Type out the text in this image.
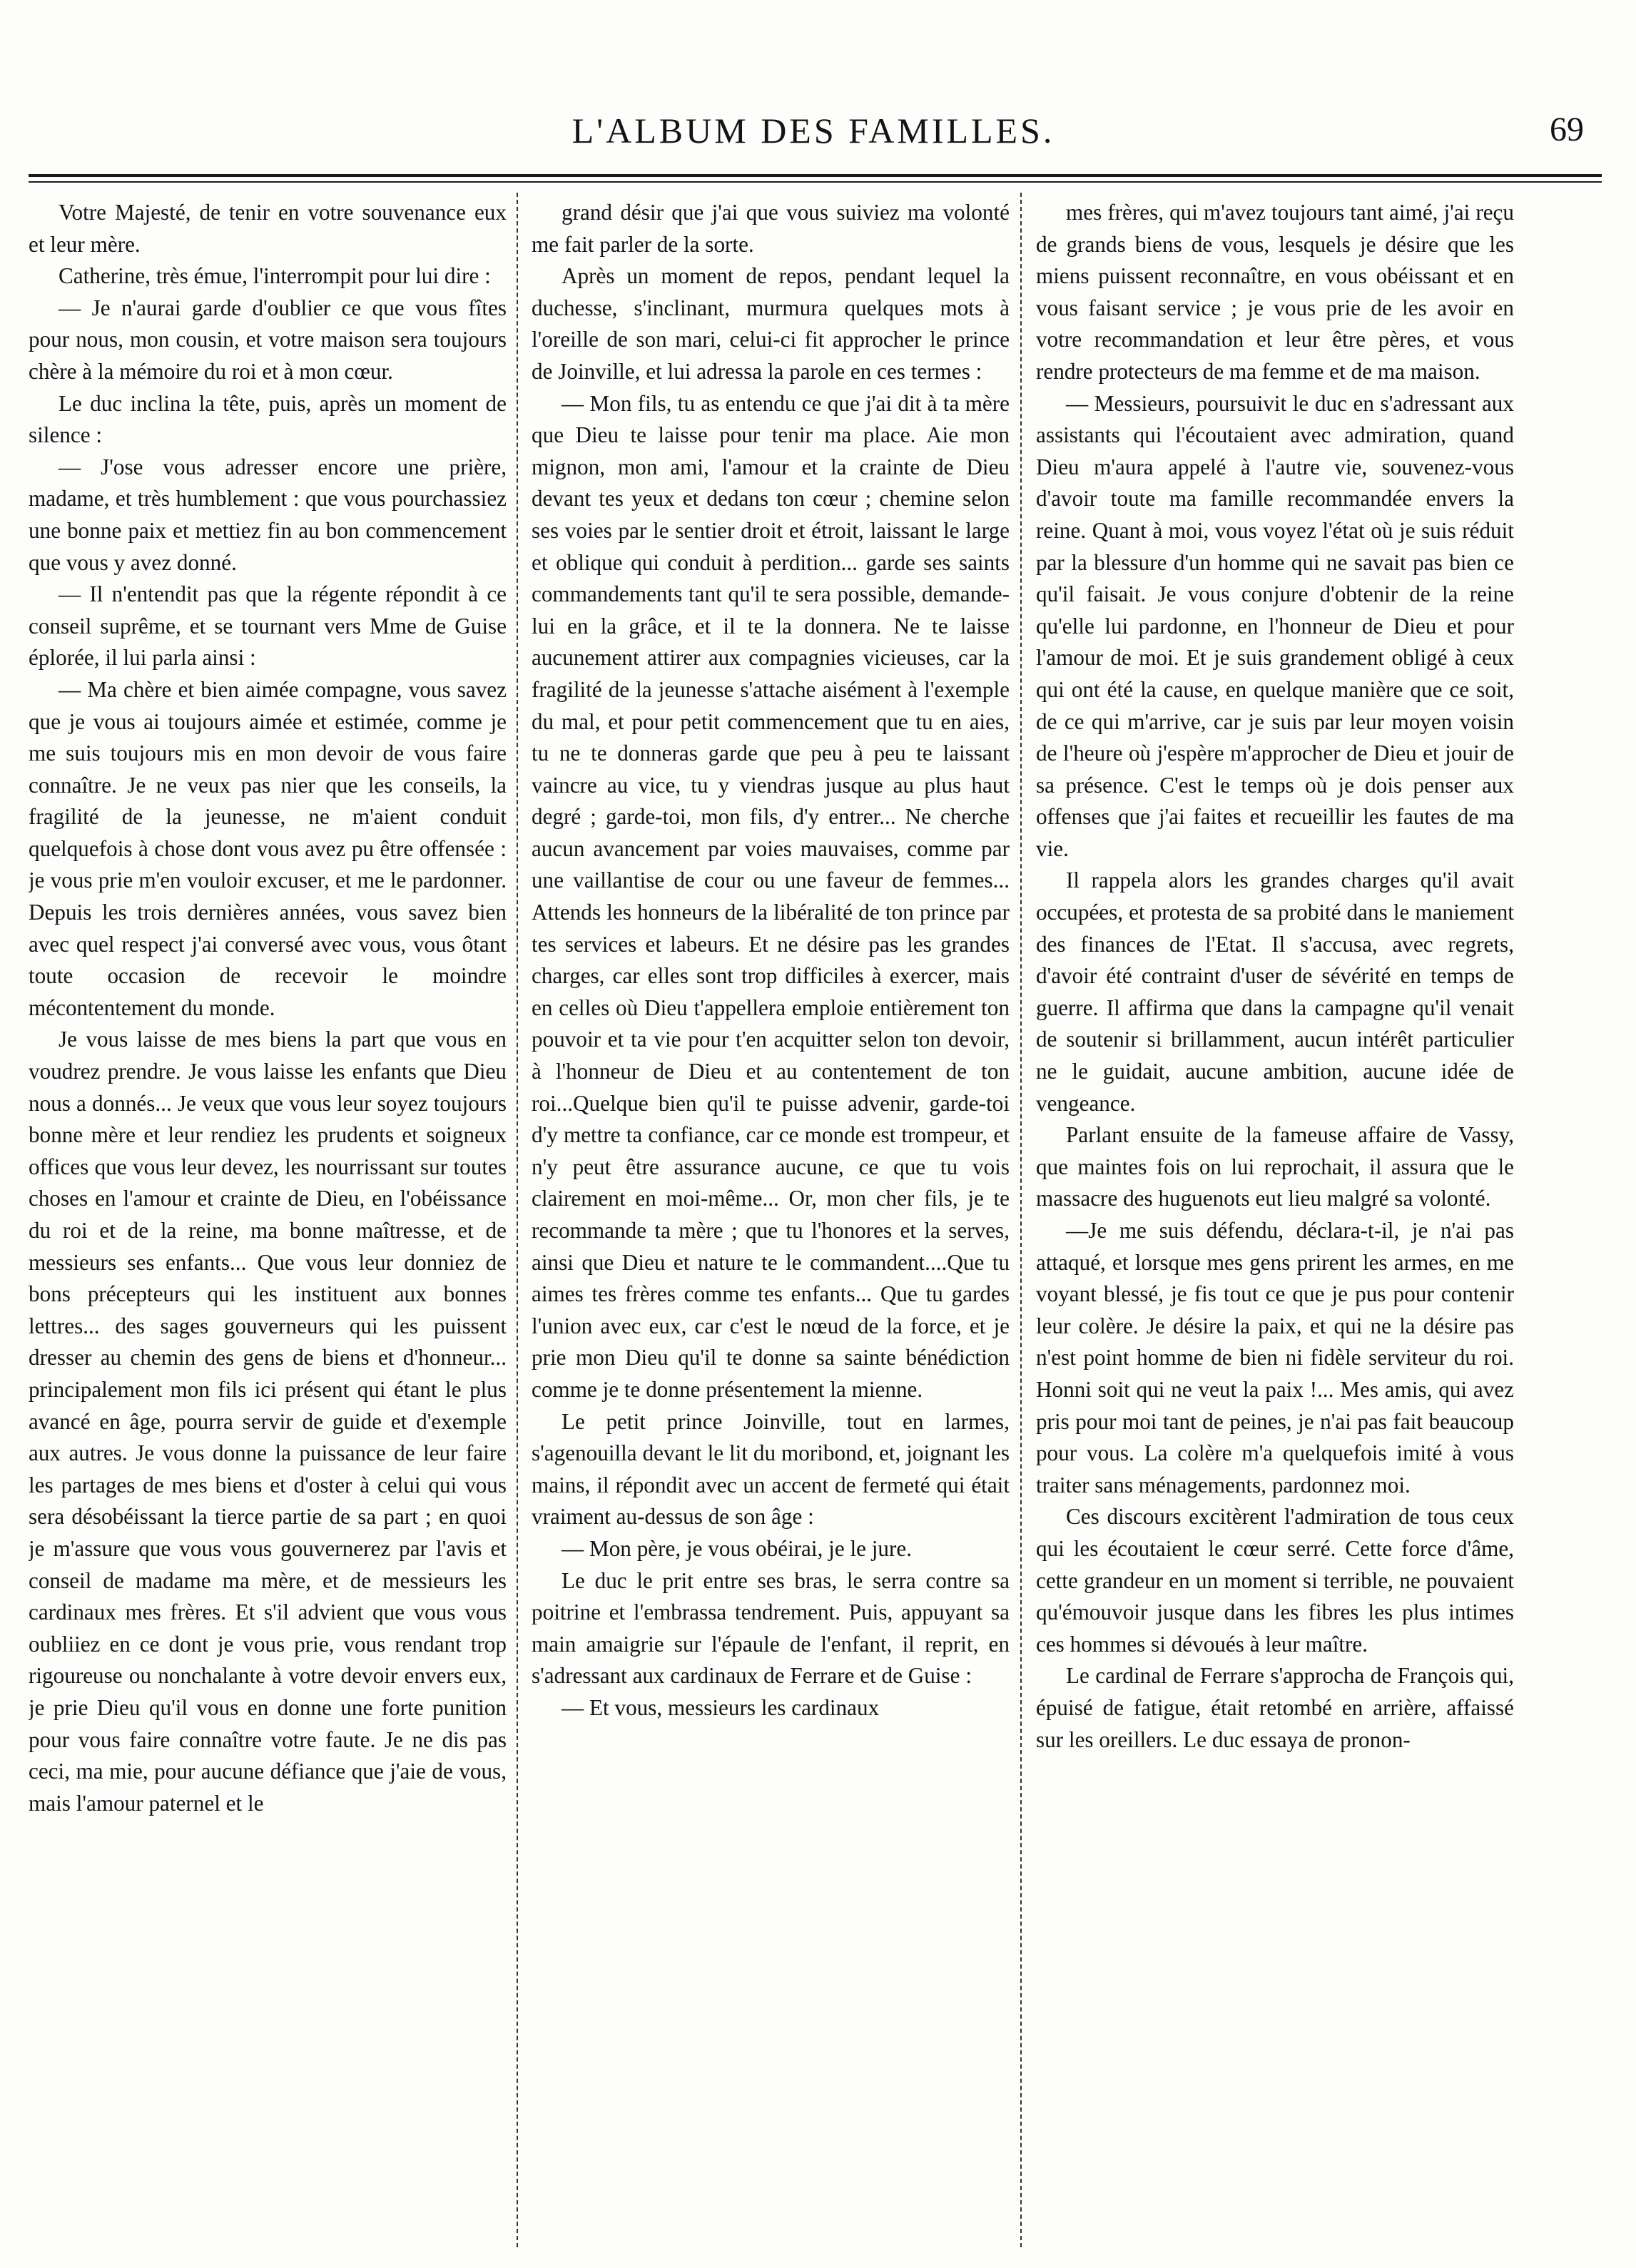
L'ALBUM DES FAMILLES.	69

Votre Majesté, de tenir en votre souvenance eux et leur mère.

Catherine, très émue, l'interrompit pour lui dire :

— Je n'aurai garde d'oublier ce que vous fîtes pour nous, mon cousin, et votre maison sera toujours chère à la mémoire du roi et à mon cœur.

Le duc inclina la tête, puis, après un moment de silence :

— J'ose vous adresser encore une prière, madame, et très humblement : que vous pourchassiez une bonne paix et mettiez fin au bon commencement que vous y avez donné.

— Il n'entendit pas que la régente répondit à ce conseil suprême, et se tournant vers Mme de Guise éplorée, il lui parla ainsi :

— Ma chère et bien aimée compagne, vous savez que je vous ai toujours aimée et estimée, comme je me suis toujours mis en mon devoir de vous faire connaître. Je ne veux pas nier que les conseils, la fragilité de la jeunesse, ne m'aient conduit quelquefois à chose dont vous avez pu être offensée : je vous prie m'en vouloir excuser, et me le pardonner. Depuis les trois dernières années, vous savez bien avec quel respect j'ai conversé avec vous, vous ôtant toute occasion de recevoir le moindre mécontentement du monde.

Je vous laisse de mes biens la part que vous en voudrez prendre. Je vous laisse les enfants que Dieu nous a donnés... Je veux que vous leur soyez toujours bonne mère et leur rendiez les prudents et soigneux offices que vous leur devez, les nourrissant sur toutes choses en l'amour et crainte de Dieu, en l'obéissance du roi et de la reine, ma bonne maîtresse, et de messieurs ses enfants... Que vous leur donniez de bons précepteurs qui les instituent aux bonnes lettres... des sages gouverneurs qui les puissent dresser au chemin des gens de biens et d'honneur... principalement mon fils ici présent qui étant le plus avancé en âge, pourra servir de guide et d'exemple aux autres. Je vous donne la puissance de leur faire les partages de mes biens et d'oster à celui qui vous sera désobéissant la tierce partie de sa part ; en quoi je m'assure que vous vous gouvernerez par l'avis et conseil de madame ma mère, et de messieurs les cardinaux mes frères. Et s'il advient que vous vous oubliiez en ce dont je vous prie, vous rendant trop rigoureuse ou nonchalante à votre devoir envers eux, je prie Dieu qu'il vous en donne une forte punition pour vous faire connaître votre faute. Je ne dis pas ceci, ma mie, pour aucune défiance que j'aie de vous, mais l'amour paternel et le

grand désir que j'ai que vous suiviez ma volonté me fait parler de la sorte.

Après un moment de repos, pendant lequel la duchesse, s'inclinant, murmura quelques mots à l'oreille de son mari, celui-ci fit approcher le prince de Joinville, et lui adressa la parole en ces termes :

— Mon fils, tu as entendu ce que j'ai dit à ta mère que Dieu te laisse pour tenir ma place. Aie mon mignon, mon ami, l'amour et la crainte de Dieu devant tes yeux et dedans ton cœur ; chemine selon ses voies par le sentier droit et étroit, laissant le large et oblique qui conduit à perdition... garde ses saints commandements tant qu'il te sera possible, demande-lui en la grâce, et il te la donnera. Ne te laisse aucunement attirer aux compagnies vicieuses, car la fragilité de la jeunesse s'attache aisément à l'exemple du mal, et pour petit commencement que tu en aies, tu ne te donneras garde que peu à peu te laissant vaincre au vice, tu y viendras jusque au plus haut degré ; garde-toi, mon fils, d'y entrer... Ne cherche aucun avancement par voies mauvaises, comme par une vaillantise de cour ou une faveur de femmes... Attends les honneurs de la libéralité de ton prince par tes services et labeurs. Et ne désire pas les grandes charges, car elles sont trop difficiles à exercer, mais en celles où Dieu t'appellera emploie entièrement ton pouvoir et ta vie pour t'en acquitter selon ton devoir, à l'honneur de Dieu et au contentement de ton roi...Quelque bien qu'il te puisse advenir, garde-toi d'y mettre ta confiance, car ce monde est trompeur, et n'y peut être assurance aucune, ce que tu vois clairement en moi-même... Or, mon cher fils, je te recommande ta mère ; que tu l'honores et la serves, ainsi que Dieu et nature te le commandent....Que tu aimes tes frères comme tes enfants... Que tu gardes l'union avec eux, car c'est le nœud de la force, et je prie mon Dieu qu'il te donne sa sainte bénédiction comme je te donne présentement la mienne.

Le petit prince Joinville, tout en larmes, s'agenouilla devant le lit du moribond, et, joignant les mains, il répondit avec un accent de fermeté qui était vraiment au-dessus de son âge :

— Mon père, je vous obéirai, je le jure.

Le duc le prit entre ses bras, le serra contre sa poitrine et l'embrassa tendrement. Puis, appuyant sa main amaigrie sur l'épaule de l'enfant, il reprit, en s'adressant aux cardinaux de Ferrare et de Guise :

— Et vous, messieurs les cardinaux

mes frères, qui m'avez toujours tant aimé, j'ai reçu de grands biens de vous, lesquels je désire que les miens puissent reconnaître, en vous obéissant et en vous faisant service ; je vous prie de les avoir en votre recommandation et leur être pères, et vous rendre protecteurs de ma femme et de ma maison.

— Messieurs, poursuivit le duc en s'adressant aux assistants qui l'écoutaient avec admiration, quand Dieu m'aura appelé à l'autre vie, souvenez-vous d'avoir toute ma famille recommandée envers la reine. Quant à moi, vous voyez l'état où je suis réduit par la blessure d'un homme qui ne savait pas bien ce qu'il faisait. Je vous conjure d'obtenir de la reine qu'elle lui pardonne, en l'honneur de Dieu et pour l'amour de moi. Et je suis grandement obligé à ceux qui ont été la cause, en quelque manière que ce soit, de ce qui m'arrive, car je suis par leur moyen voisin de l'heure où j'espère m'approcher de Dieu et jouir de sa présence. C'est le temps où je dois penser aux offenses que j'ai faites et recueillir les fautes de ma vie.

Il rappela alors les grandes charges qu'il avait occupées, et protesta de sa probité dans le maniement des finances de l'Etat. Il s'accusa, avec regrets, d'avoir été contraint d'user de sévérité en temps de guerre. Il affirma que dans la campagne qu'il venait de soutenir si brillamment, aucun intérêt particulier ne le guidait, aucune ambition, aucune idée de vengeance.

Parlant ensuite de la fameuse affaire de Vassy, que maintes fois on lui reprochait, il assura que le massacre des huguenots eut lieu malgré sa volonté.

—Je me suis défendu, déclara-t-il, je n'ai pas attaqué, et lorsque mes gens prirent les armes, en me voyant blessé, je fis tout ce que je pus pour contenir leur colère. Je désire la paix, et qui ne la désire pas n'est point homme de bien ni fidèle serviteur du roi. Honni soit qui ne veut la paix !... Mes amis, qui avez pris pour moi tant de peines, je n'ai pas fait beaucoup pour vous. La colère m'a quelquefois imité à vous traiter sans ménagements, pardonnez moi.

Ces discours excitèrent l'admiration de tous ceux qui les écoutaient le cœur serré. Cette force d'âme, cette grandeur en un moment si terrible, ne pouvaient qu'émouvoir jusque dans les fibres les plus intimes ces hommes si dévoués à leur maître.

Le cardinal de Ferrare s'approcha de François qui, épuisé de fatigue, était retombé en arrière, affaissé sur les oreillers. Le duc essaya de pronon-
